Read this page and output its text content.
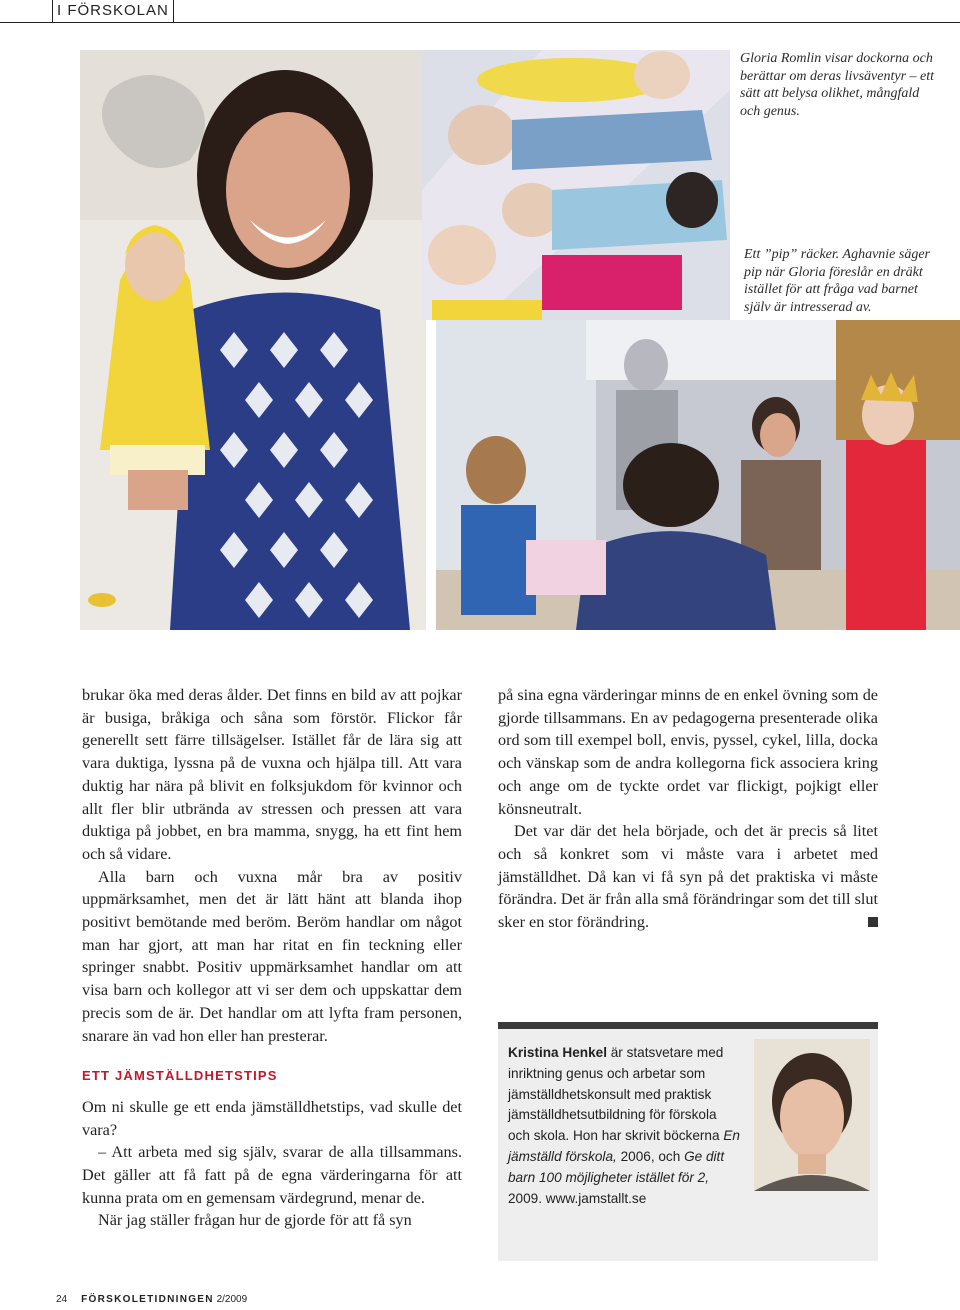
I FÖRSKOLAN

Gloria Romlin visar dockorna och berättar om deras livsäventyr – ett sätt att belysa olikhet, mångfald och genus.

Ett ”pip” räcker. Aghavnie säger pip när Gloria föreslår en dräkt istället för att fråga vad barnet själv är intresserad av.

brukar öka med deras ålder. Det finns en bild av att pojkar är busiga, bråkiga och såna som förstör. Flickor får generellt sett färre tillsägelser. Istället får de lära sig att vara duktiga, lyssna på de vuxna och hjälpa till. Att vara duktig har nära på blivit en folksjukdom för kvinnor och allt fler blir utbrända av stressen och pressen att vara duktiga på jobbet, en bra mamma, snygg, ha ett fint hem och så vidare.

Alla barn och vuxna mår bra av positiv uppmärksamhet, men det är lätt hänt att blanda ihop positivt bemötande med beröm. Beröm handlar om något man har gjort, att man har ritat en fin teckning eller springer snabbt. Positiv uppmärksamhet handlar om att visa barn och kollegor att vi ser dem och uppskattar dem precis som de är. Det handlar om att lyfta fram personen, snarare än vad hon eller han presterar.

ETT JÄMSTÄLLDHETSTIPS

Om ni skulle ge ett enda jämställdhetstips, vad skulle det vara?

– Att arbeta med sig själv, svarar de alla tillsammans. Det gäller att få fatt på de egna värderingarna för att kunna prata om en gemensam värdegrund, menar de.

När jag ställer frågan hur de gjorde för att få syn

på sina egna värderingar minns de en enkel övning som de gjorde tillsammans. En av pedagogerna presenterade olika ord som till exempel boll, envis, pyssel, cykel, lilla, docka och vänskap som de andra kollegorna fick associera kring och ange om de tyckte ordet var flickigt, pojkigt eller könsneutralt.

Det var där det hela började, och det är precis så litet och så konkret som vi måste vara i arbetet med jämställdhet. Då kan vi få syn på det praktiska vi måste förändra. Det är från alla små förändringar som det till slut sker en stor förändring.

Kristina Henkel är statsvetare med inriktning genus och arbetar som jämställdhetskonsult med praktisk jämställdhetsutbildning för förskola och skola. Hon har skrivit böckerna En jämställd förskola, 2006, och Ge ditt barn 100 möjligheter istället för 2, 2009. www.jamstallt.se
24 FÖRSKOLETIDNINGEN 2/2009
